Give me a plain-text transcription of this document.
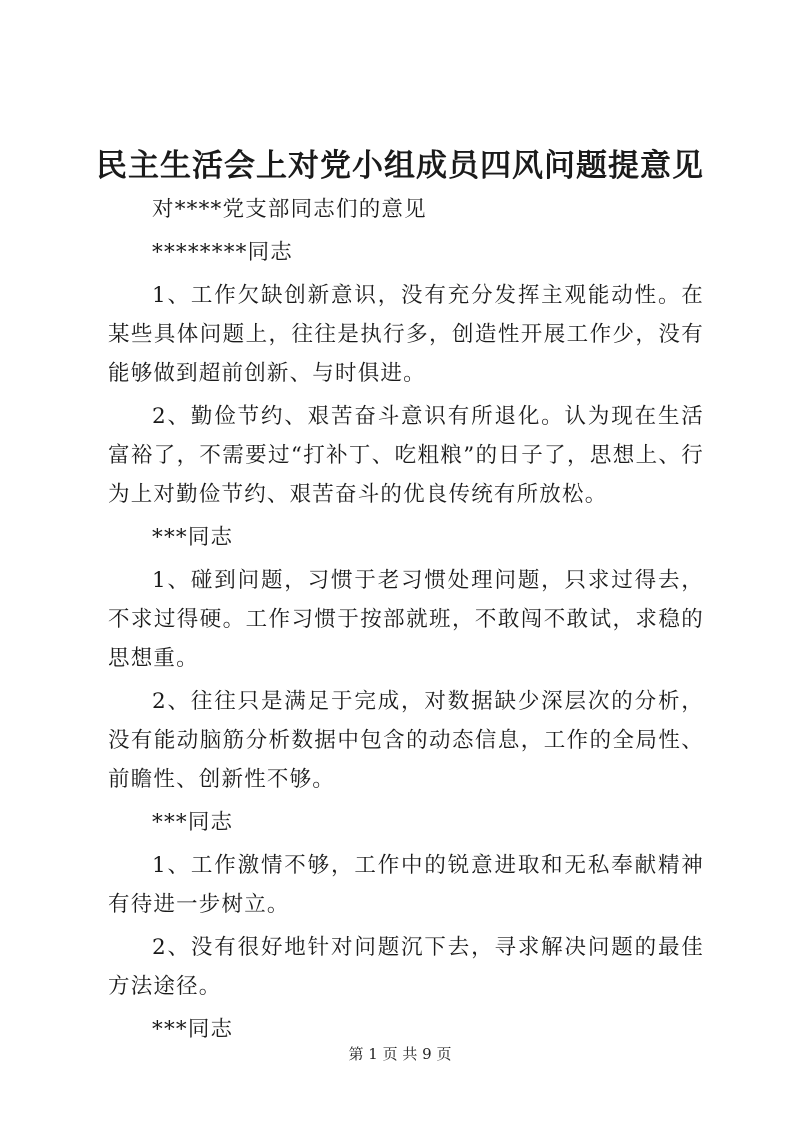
民主生活会上对党小组成员四风问题提意见

对****党支部同志们的意见

********同志

1、工作欠缺创新意识，没有充分发挥主观能动性。在某些具体问题上，往往是执行多，创造性开展工作少，没有能够做到超前创新、与时俱进。

2、勤俭节约、艰苦奋斗意识有所退化。认为现在生活富裕了，不需要过“打补丁、吃粗粮”的日子了，思想上、行为上对勤俭节约、艰苦奋斗的优良传统有所放松。

***同志

1、碰到问题，习惯于老习惯处理问题，只求过得去，不求过得硬。工作习惯于按部就班，不敢闯不敢试，求稳的思想重。

2、往往只是满足于完成，对数据缺少深层次的分析，没有能动脑筋分析数据中包含的动态信息，工作的全局性、前瞻性、创新性不够。

***同志

1、工作激情不够，工作中的锐意进取和无私奉献精神有待进一步树立。

2、没有很好地针对问题沉下去，寻求解决问题的最佳方法途径。

***同志

第 1 页 共 9 页
